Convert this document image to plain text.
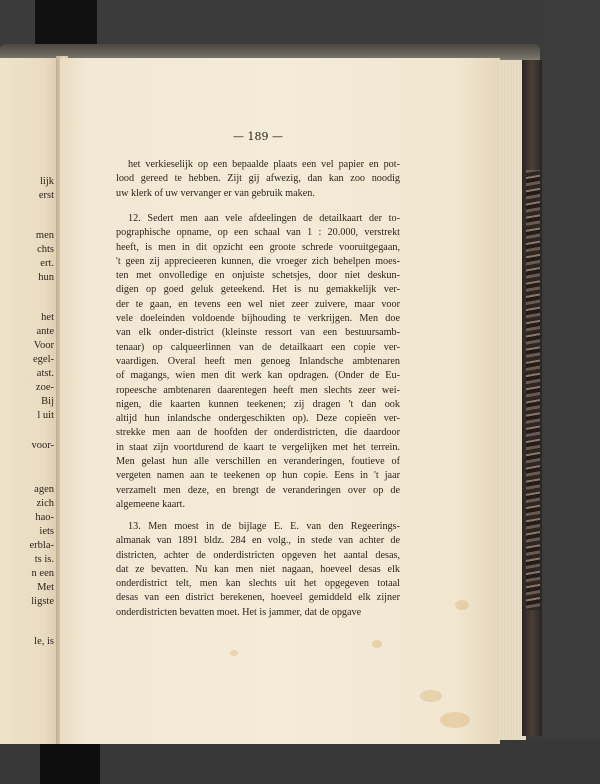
lijk
erst
men
chts
ert.
hun
het
ante
Voor
egel-
atst.
zoe-
Bij
l uit
voor-
agen
zich
hao-
iets
erbla-
ts is.
n een
Met
ligste
le, is
— 189 —
het verkieselijk op een bepaalde plaats een vel papier en pot-
lood gereed te hebben. Zijt gij afwezig, dan kan zoo noodig
uw klerk of uw vervanger er van gebruik maken.
12. Sedert men aan vele afdeelingen de detailkaart der to-
pographische opname, op een schaal van 1 : 20.000, verstrekt
heeft, is men in dit opzicht een groote schrede vooruitgegaan,
't geen zij apprecieeren kunnen, die vroeger zich behelpen moes-
ten met onvolledige en onjuiste schetsjes, door niet deskun-
digen op goed geluk geteekend. Het is nu gemakkelijk ver-
der te gaan, en tevens een wel niet zeer zuivere, maar voor
vele doeleinden voldoende bijhouding te verkrijgen. Men doe
van elk onder-district (kleinste ressort van een bestuursamb-
tenaar) op calqueerlinnen van de detailkaart een copie ver-
vaardigen. Overal heeft men genoeg Inlandsche ambtenaren
of magangs, wien men dit werk kan opdragen. (Onder de Eu-
ropeesche ambtenaren daarentegen heeft men slechts zeer wei-
nigen, die kaarten kunnen teekenen; zij dragen 't dan ook
altijd hun inlandsche ondergeschikten op). Deze copieën ver-
strekke men aan de hoofden der onderdistricten, die daardoor
in staat zijn voortdurend de kaart te vergelijken met het terrein.
Men gelast hun alle verschillen en veranderingen, foutieve of
vergeten namen aan te teekenen op hun copie. Eens in 't jaar
verzamelt men deze, en brengt de veranderingen over op de
algemeene kaart.
13. Men moest in de bijlage E. E. van den Regeerings-
almanak van 1891 bldz. 284 en volg., in stede van achter de
districten, achter de onderdistricten opgeven het aantal desas,
dat ze bevatten. Nu kan men niet nagaan, hoeveel desas elk
onderdistrict telt, men kan slechts uit het opgegeven totaal
desas van een district berekenen, hoeveel gemiddeld elk zijner
onderdistricten bevatten moet. Het is jammer, dat de opgave
